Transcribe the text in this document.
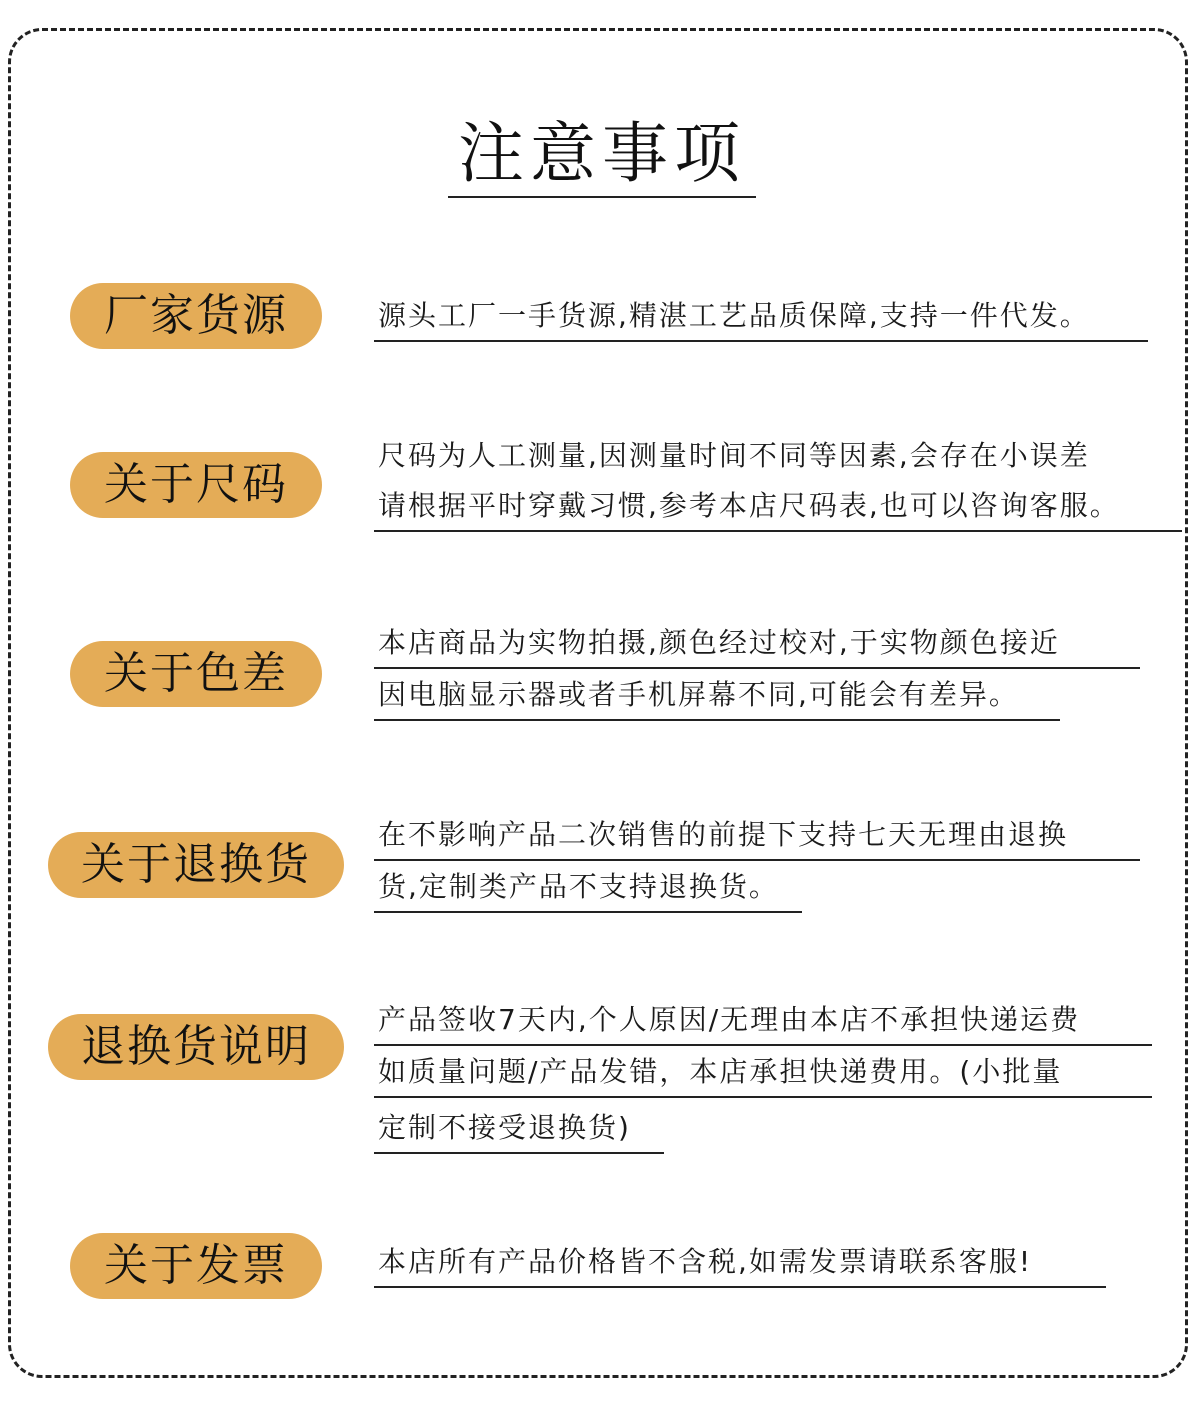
注意事项
厂家货源	源头工厂一手货源,精湛工艺品质保障,支持一件代发。
关于尺码
尺码为人工测量,因测量时间不同等因素,会存在小误差
请根据平时穿戴习惯,参考本店尺码表,也可以咨询客服。
关于色差
本店商品为实物拍摄,颜色经过校对,于实物颜色接近
因电脑显示器或者手机屏幕不同,可能会有差异。
关于退换货
在不影响产品二次销售的前提下支持七天无理由退换
货,定制类产品不支持退换货。
退换货说明
产品签收7天内,个人原因/无理由本店不承担快递运费
如质量问题/产品发错，本店承担快递费用。(小批量
定制不接受退换货)
关于发票	本店所有产品价格皆不含税,如需发票请联系客服!
